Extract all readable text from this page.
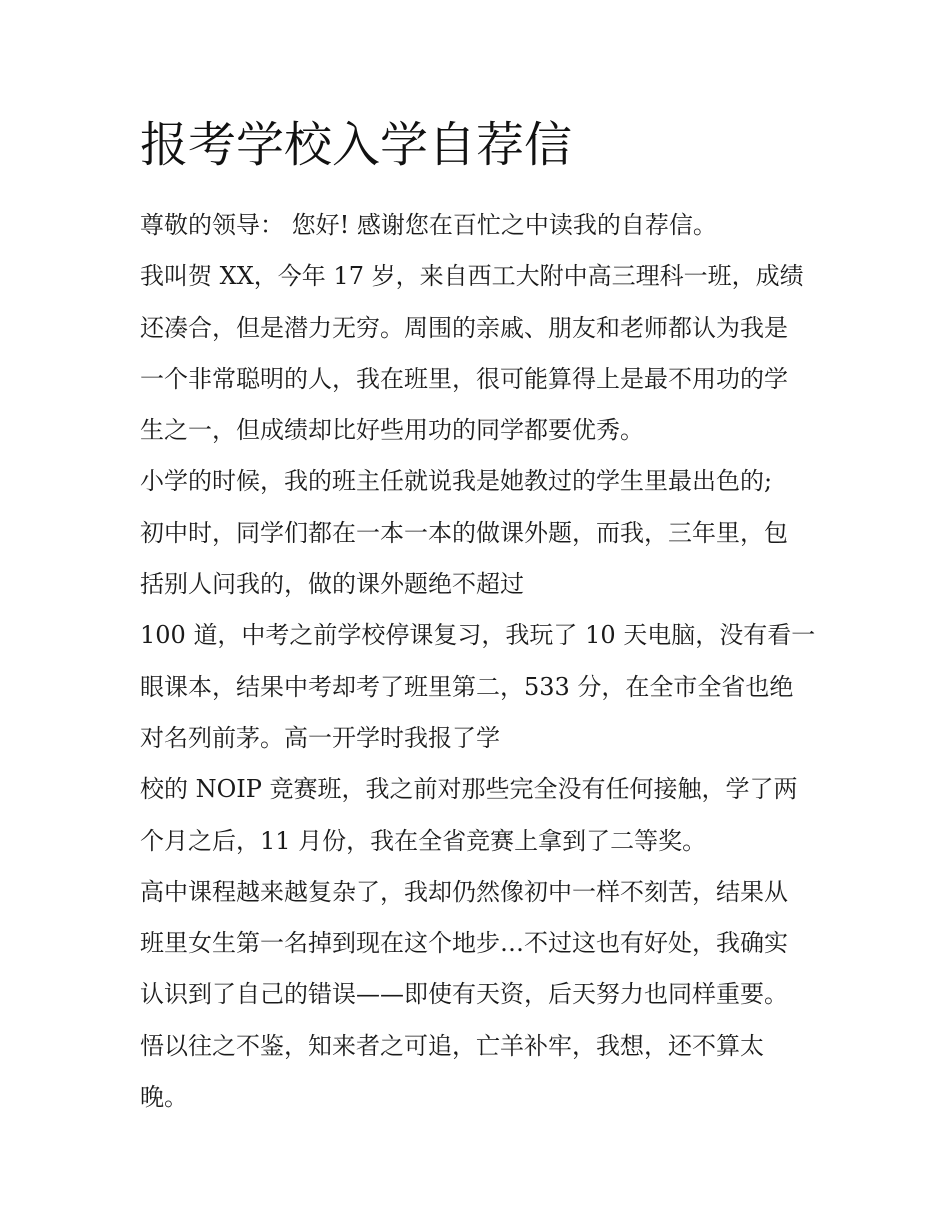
报考学校入学自荐信
尊敬的领导： 您好! 感谢您在百忙之中读我的自荐信。
我叫贺 XX，今年 17 岁，来自西工大附中高三理科一班，成绩
还凑合，但是潜力无穷。周围的亲戚、朋友和老师都认为我是
一个非常聪明的人，我在班里，很可能算得上是最不用功的学
生之一，但成绩却比好些用功的同学都要优秀。
小学的时候，我的班主任就说我是她教过的学生里最出色的;
初中时，同学们都在一本一本的做课外题，而我，三年里，包
括别人问我的，做的课外题绝不超过
100 道，中考之前学校停课复习，我玩了 10 天电脑，没有看一
眼课本，结果中考却考了班里第二，533 分，在全市全省也绝
对名列前茅。高一开学时我报了学
校的 NOIP 竞赛班，我之前对那些完全没有任何接触，学了两
个月之后，11 月份，我在全省竞赛上拿到了二等奖。
高中课程越来越复杂了，我却仍然像初中一样不刻苦，结果从
班里女生第一名掉到现在这个地步…不过这也有好处，我确实
认识到了自己的错误——即使有天资，后天努力也同样重要。
悟以往之不鉴，知来者之可追，亡羊补牢，我想，还不算太
晚。
